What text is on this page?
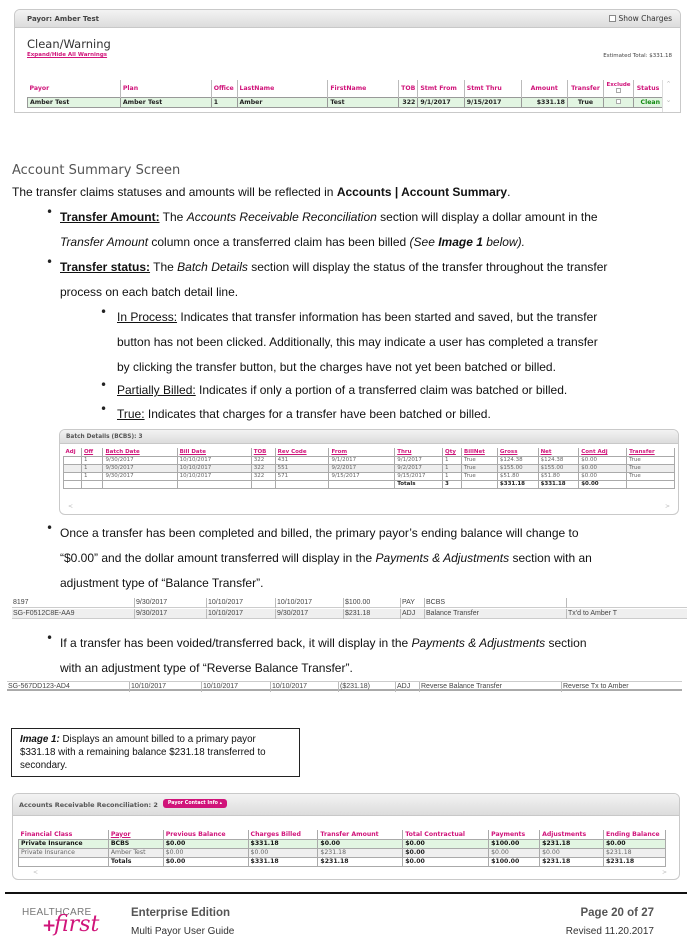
Payor: Amber Test	Show Charges
Clean/Warning
Expand/Hide All Warnings	Estimated Total: $331.18
Payor	Plan	Office	LastName	FirstName	TOB	Stmt From	Stmt Thru	Amount	Transfer	Exclude	Status
Amber Test	Amber Test	1	Amber	Test	322	9/1/2017	9/15/2017	$331.18	True		Clean
⌃
⌄
Account Summary Screen
The transfer claims statuses and amounts will be reflected in Accounts | Account Summary.
• Transfer Amount: The Accounts Receivable Reconciliation section will display a dollar amount in the
Transfer Amount column once a transferred claim has been billed (See Image 1 below).
• Transfer status: The Batch Details section will display the status of the transfer throughout the transfer
process on each batch detail line.
• In Process: Indicates that transfer information has been started and saved, but the transfer
button has not been clicked. Additionally, this may indicate a user has completed a transfer
by clicking the transfer button, but the charges have not yet been batched or billed.
• Partially Billed: Indicates if only a portion of a transferred claim was batched or billed.
• True: Indicates that charges for a transfer have been batched or billed.
Batch Details (BCBS): 3
Adj	Off	Batch Date	Bill Date	TOB	Rev Code	From	Thru	Qty	BillNet	Gross	Net	Cont Adj	Transfer
	1	9/30/2017	10/10/2017	322	431	9/1/2017	9/1/2017	1	True	$124.38	$124.38	$0.00	True
	1	9/30/2017	10/10/2017	322	551	9/2/2017	9/2/2017	1	True	$155.00	$155.00	$0.00	True
	1	9/30/2017	10/10/2017	322	571	9/15/2017	9/15/2017	1	True	$51.80	$51.80	$0.00	True
							Totals	3		$331.18	$331.18	$0.00	

<	>
• Once a transfer has been completed and billed, the primary payor’s ending balance will change to
“$0.00” and the dollar amount transferred will display in the Payments & Adjustments section with an
adjustment type of “Balance Transfer”.
8197	9/30/2017	10/10/2017	10/10/2017	$100.00	PAY	BCBS
SG-F0512C8E-AA9	9/30/2017	10/10/2017	9/30/2017	$231.18	ADJ	Balance Transfer	Tx'd to Amber T
• If a transfer has been voided/transferred back, it will display in the Payments & Adjustments section
with an adjustment type of “Reverse Balance Transfer”.
SG-567DD123-AD4	10/10/2017	10/10/2017	10/10/2017	($231.18)	ADJ	Reverse Balance Transfer	Reverse Tx to Amber
Image 1: Displays an amount billed to a primary payor $331.18 with a remaining balance $231.18 transferred to secondary.
Accounts Receivable Reconciliation: 2	Payor Contact Info ▴
Financial Class	Payor	Previous Balance	Charges Billed	Transfer Amount	Total Contractual	Payments	Adjustments	Ending Balance
Private Insurance	BCBS	$0.00	$331.18	$0.00	$0.00	$100.00	$231.18	$0.00
Private Insurance	Amber Test	$0.00	$0.00	$231.18	$0.00	$0.00	$0.00	$231.18
	Totals	$0.00	$331.18	$231.18	$0.00	$100.00	$231.18	$231.18
<	>
HEALTHCARE
+
first	Enterprise Edition
Multi Payor User Guide
Page 20 of 27
Revised 11.20.2017
